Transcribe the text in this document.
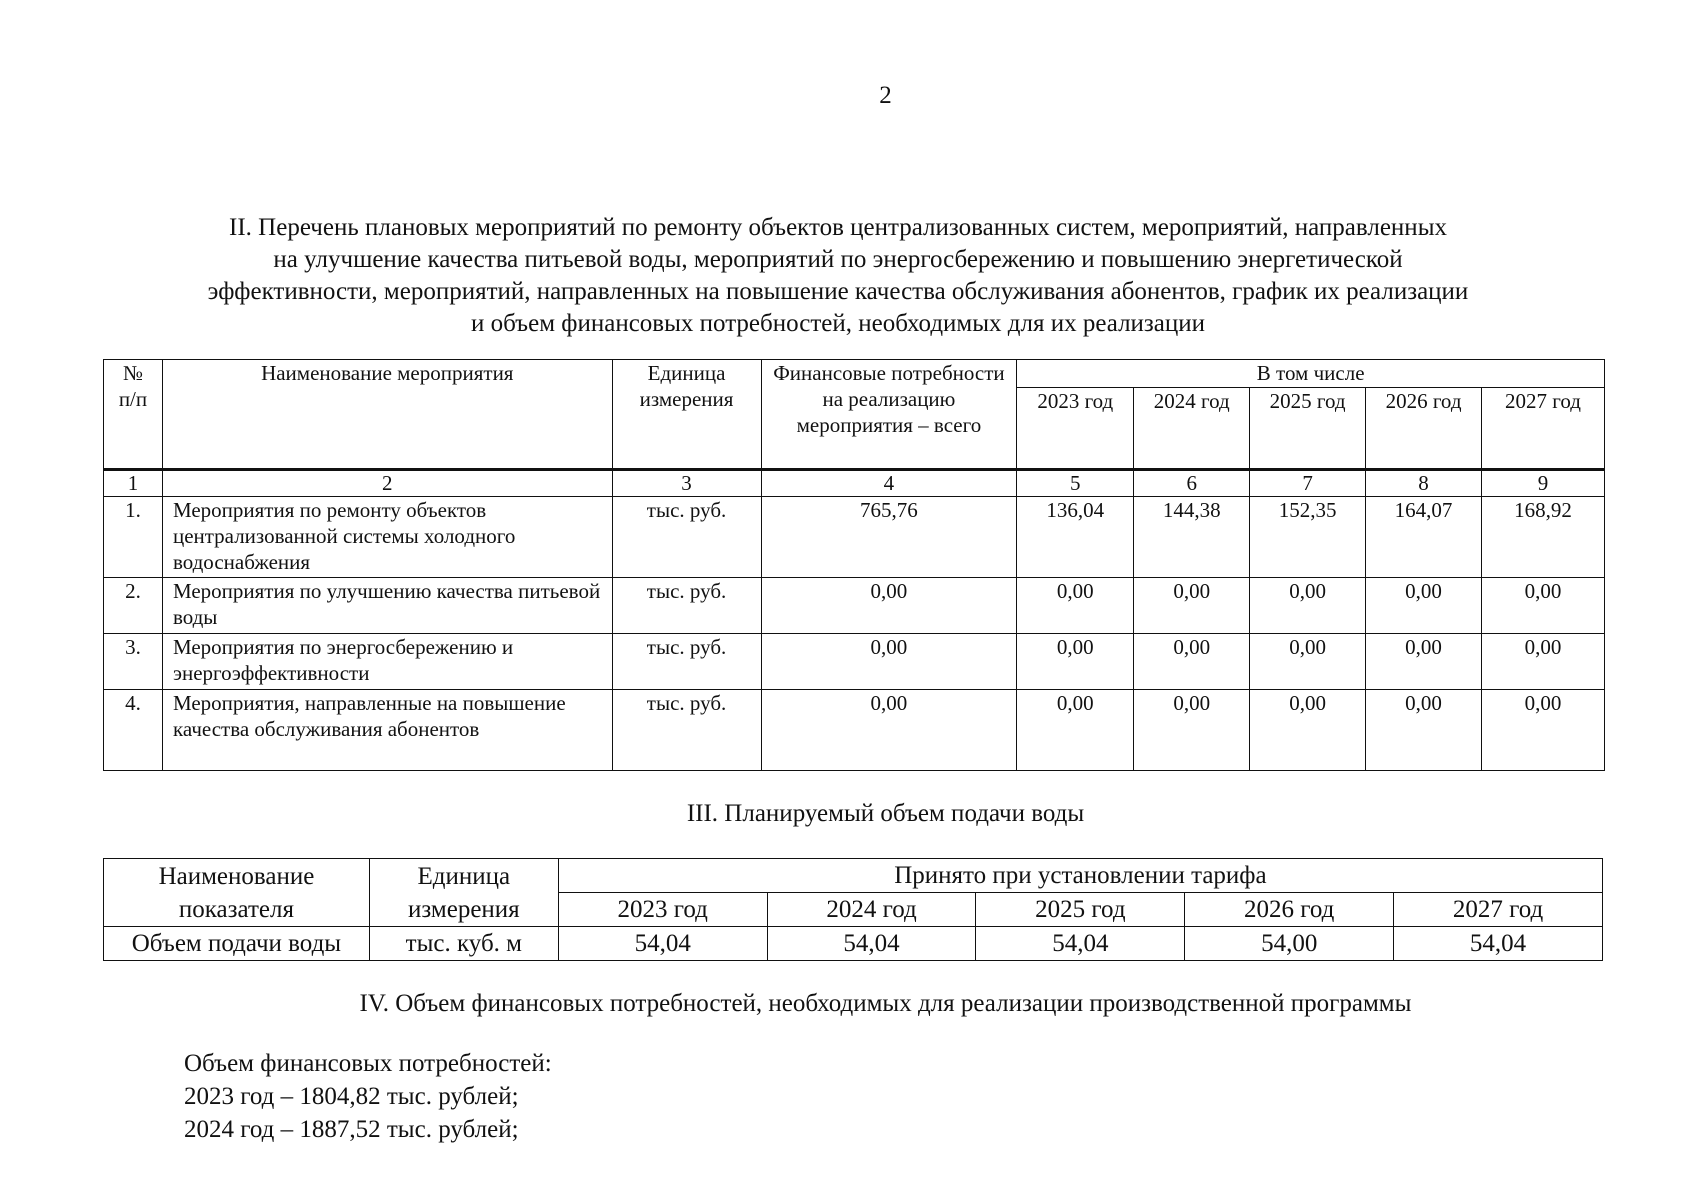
2
II. Перечень плановых мероприятий по ремонту объектов централизованных систем, мероприятий, направленных
на улучшение качества питьевой воды, мероприятий по энергосбережению и повышению энергетической
эффективности, мероприятий, направленных на повышение качества обслуживания абонентов, график их реализации
и объем финансовых потребностей, необходимых для их реализации
№ п/п	Наименование мероприятия	Единица измерения	Финансовые потребности на реализацию мероприятия – всего	В том числе				
				2023 год	2024 год	2025 год	2026 год	2027 год
1	2	3	4	5	6	7	8	9
1.	Мероприятия по ремонту объектов централизованной системы холодного водоснабжения	тыс. руб.	765,76	136,04	144,38	152,35	164,07	168,92
2.	Мероприятия по улучшению качества питьевой воды	тыс. руб.	0,00	0,00	0,00	0,00	0,00	0,00
3.	Мероприятия по энергосбережению и энергоэффективности	тыс. руб.	0,00	0,00	0,00	0,00	0,00	0,00
4.	Мероприятия, направленные на повышение качества обслуживания абонентов	тыс. руб.	0,00	0,00	0,00	0,00	0,00	0,00
III. Планируемый объем подачи воды
Наименование показателя	Единица измерения	Принято при установлении тарифа				
		2023 год	2024 год	2025 год	2026 год	2027 год
Объем подачи воды	тыс. куб. м	54,04	54,04	54,04	54,00	54,04
IV. Объем финансовых потребностей, необходимых для реализации производственной программы
Объем финансовых потребностей:
2023 год – 1804,82 тыс. рублей;
2024 год – 1887,52 тыс. рублей;
